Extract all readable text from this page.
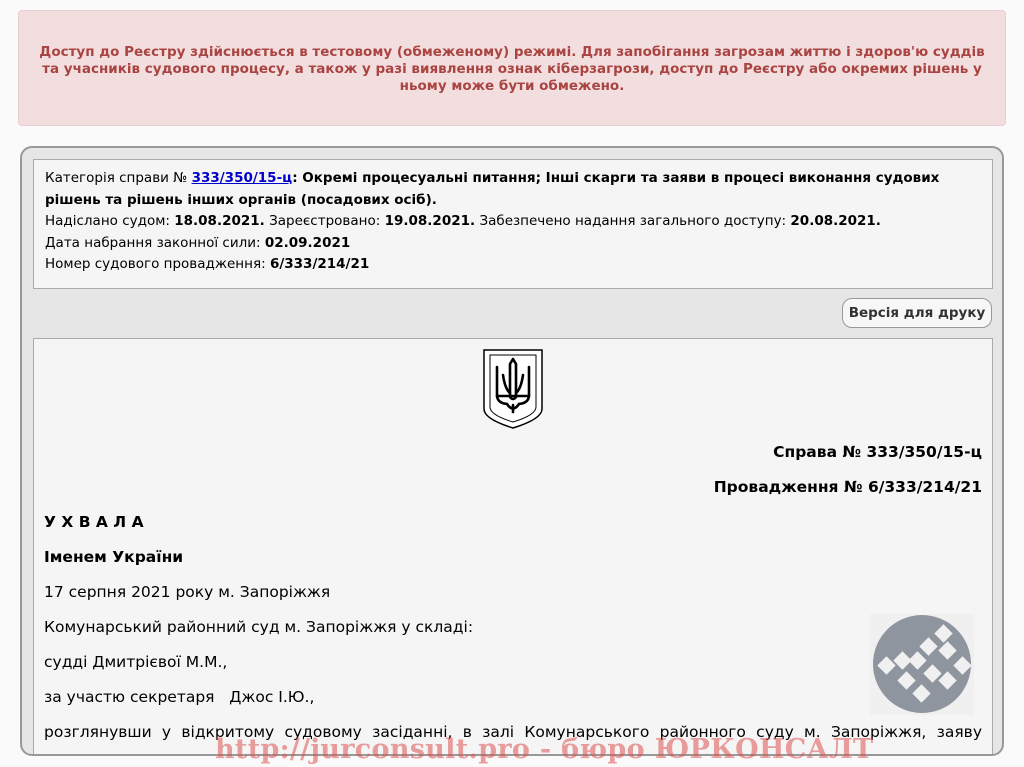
Доступ до Реєстру здійснюється в тестовому (обмеженому) режимі. Для запобігання загрозам життю і здоров'ю суддів та учасників судового процесу, а також у разі виявлення ознак кіберзагрози, доступ до Реєстру або окремих рішень у ньому може бути обмежено.
Категорія справи № 333/350/15-ц: Окремі процесуальні питання; Інші скарги та заяви в процесі виконання судових рішень та рішень інших органів (посадових осіб).
Надіслано судом: 18.08.2021. Зареєстровано: 19.08.2021. Забезпечено надання загального доступу: 20.08.2021.
Дата набрання законної сили: 02.09.2021
Номер судового провадження: 6/333/214/21
Версія для друку
Справа № 333/350/15-ц
Провадження № 6/333/214/21
У Х В А Л А
Іменем України
17 серпня 2021 року м. Запоріжжя
Комунарський районний суд м. Запоріжжя у складі:
судді Дмитрієвої М.М.,
за участю секретаря   Джос І.Ю.,
розглянувши у відкритому судовому засіданні, в залі Комунарського районного суду м. Запоріжжя, заяву
http://jurconsult.pro - бюро ЮРКОНСАЛТ
